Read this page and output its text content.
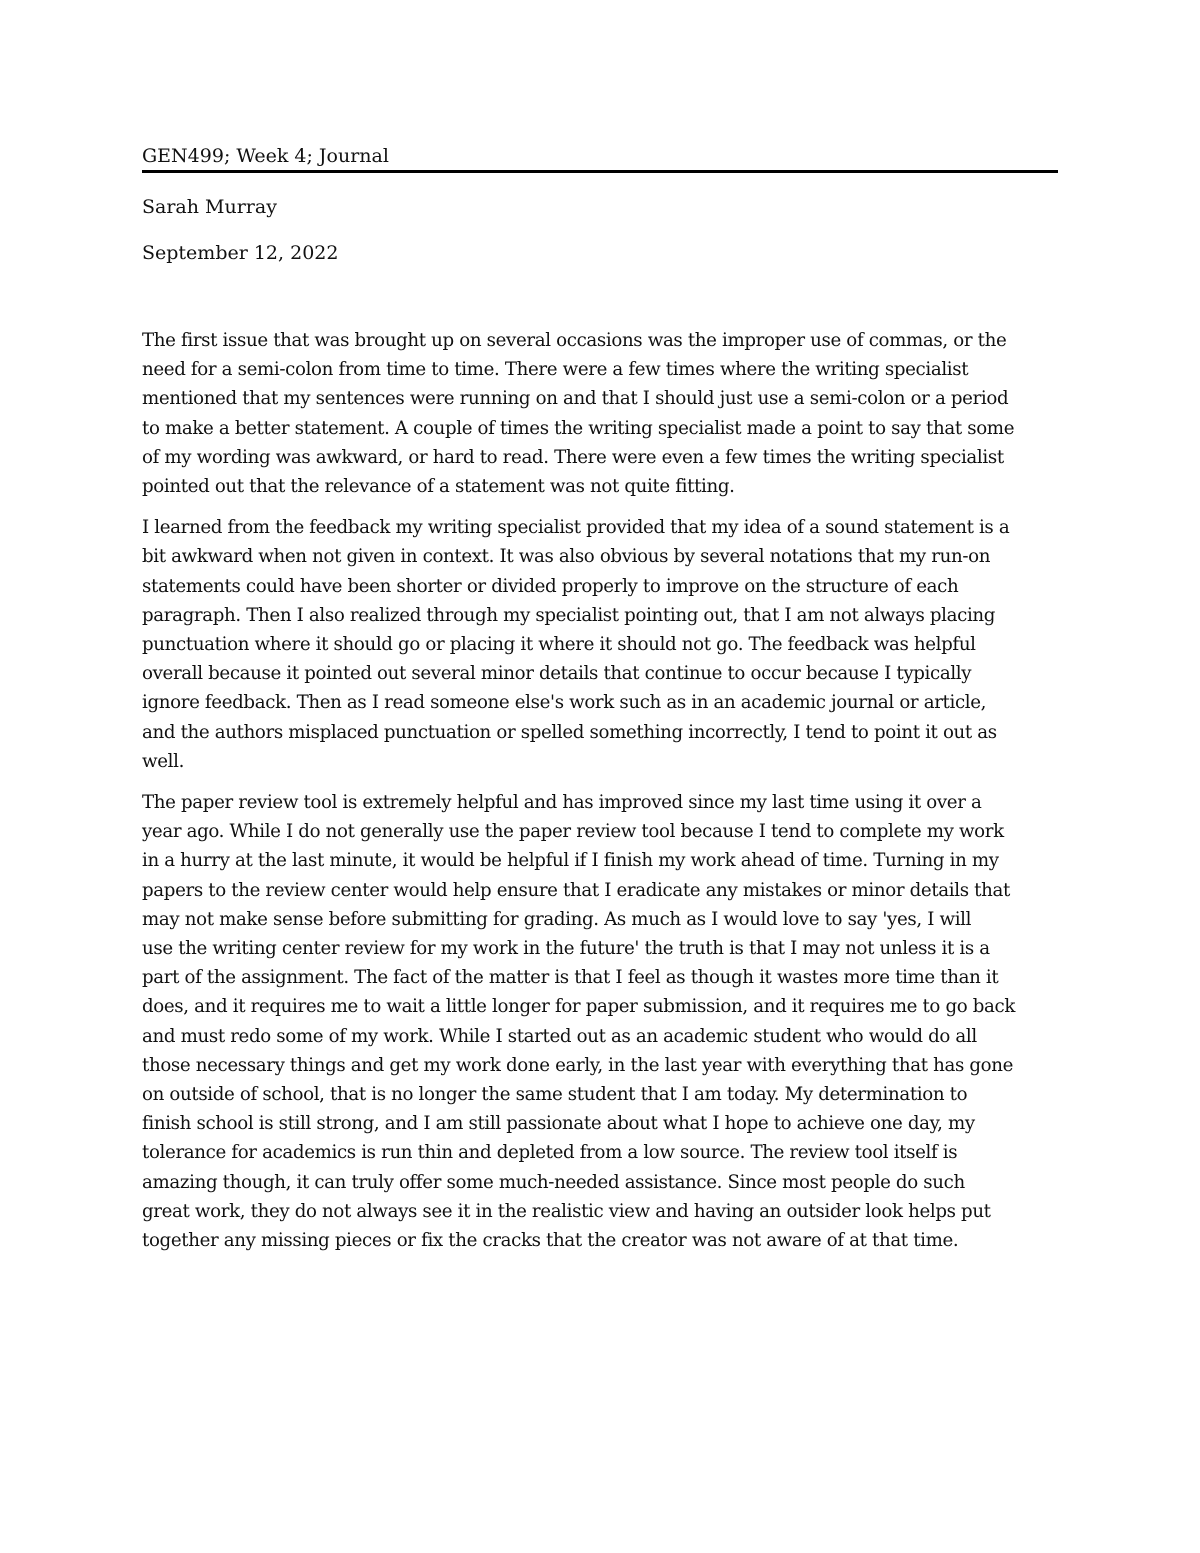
GEN499; Week 4; Journal
Sarah Murray
September 12, 2022

The first issue that was brought up on several occasions was the improper use of commas, or the
need for a semi-colon from time to time. There were a few times where the writing specialist
mentioned that my sentences were running on and that I should just use a semi-colon or a period
to make a better statement. A couple of times the writing specialist made a point to say that some
of my wording was awkward, or hard to read. There were even a few times the writing specialist
pointed out that the relevance of a statement was not quite fitting.

I learned from the feedback my writing specialist provided that my idea of a sound statement is a
bit awkward when not given in context. It was also obvious by several notations that my run-on
statements could have been shorter or divided properly to improve on the structure of each
paragraph. Then I also realized through my specialist pointing out, that I am not always placing
punctuation where it should go or placing it where it should not go. The feedback was helpful
overall because it pointed out several minor details that continue to occur because I typically
ignore feedback. Then as I read someone else's work such as in an academic journal or article,
and the authors misplaced punctuation or spelled something incorrectly, I tend to point it out as
well.

The paper review tool is extremely helpful and has improved since my last time using it over a
year ago. While I do not generally use the paper review tool because I tend to complete my work
in a hurry at the last minute, it would be helpful if I finish my work ahead of time. Turning in my
papers to the review center would help ensure that I eradicate any mistakes or minor details that
may not make sense before submitting for grading. As much as I would love to say 'yes, I will
use the writing center review for my work in the future' the truth is that I may not unless it is a
part of the assignment. The fact of the matter is that I feel as though it wastes more time than it
does, and it requires me to wait a little longer for paper submission, and it requires me to go back
and must redo some of my work. While I started out as an academic student who would do all
those necessary things and get my work done early, in the last year with everything that has gone
on outside of school, that is no longer the same student that I am today. My determination to
finish school is still strong, and I am still passionate about what I hope to achieve one day, my
tolerance for academics is run thin and depleted from a low source. The review tool itself is
amazing though, it can truly offer some much-needed assistance. Since most people do such
great work, they do not always see it in the realistic view and having an outsider look helps put
together any missing pieces or fix the cracks that the creator was not aware of at that time.
